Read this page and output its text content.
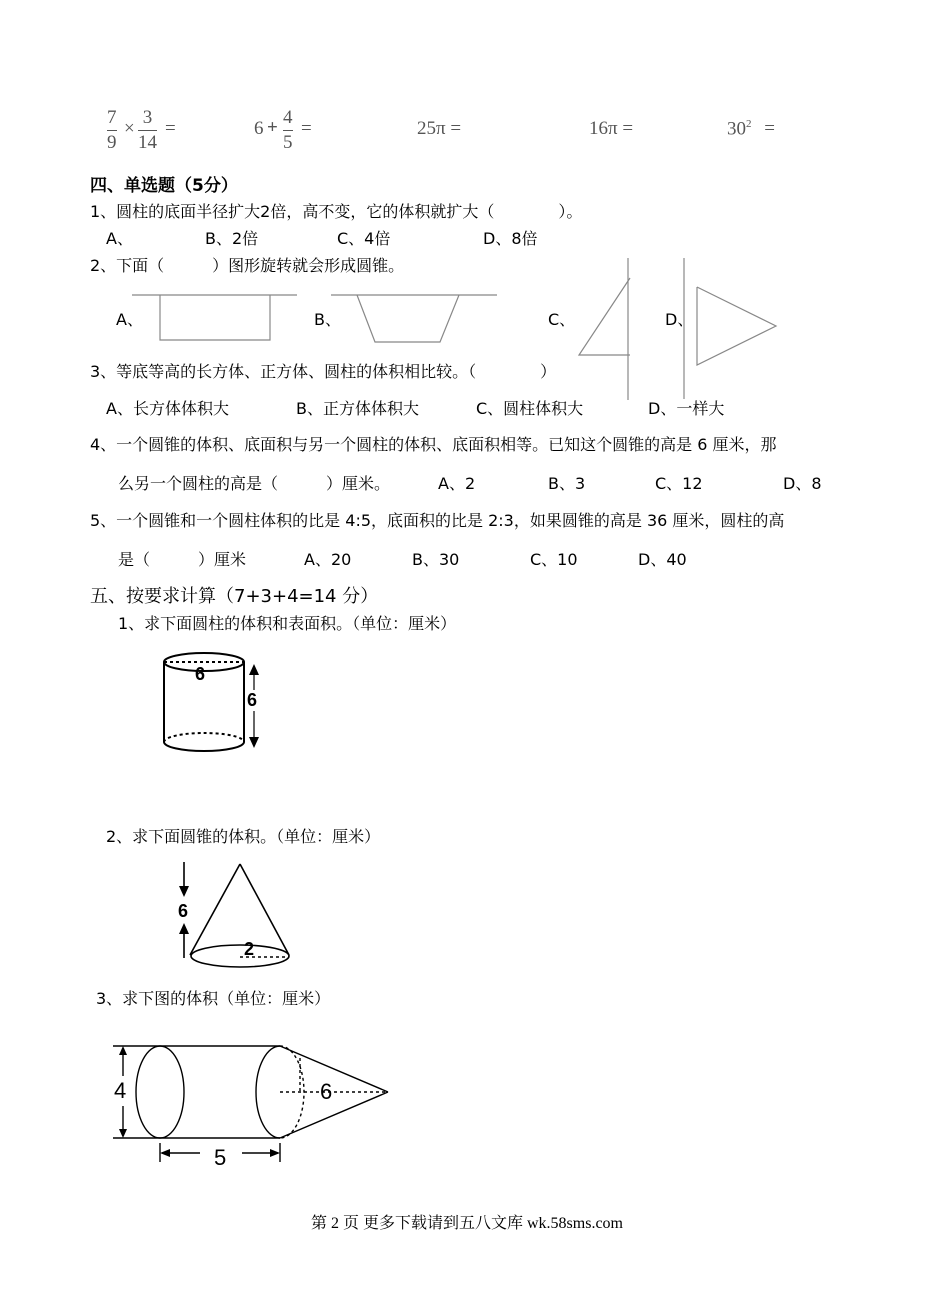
7
9
×
3
14
=	6 + 4
5
=	25π =	16π =	$30^2$ =
四、单选题（5分）
1、圆柱的底面半径扩大2倍，高不变，它的体积就扩大（　　　　）。
A、	B、2倍	C、4倍	D、8倍
2、下面（　　　）图形旋转就会形成圆锥。
A、	B、	C、	D、
3、等底等高的长方体、正方体、圆柱的体积相比较。（　　　　）
A、长方体体积大	B、正方体体积大	C、圆柱体积大	D、一样大
4、一个圆锥的体积、底面积与另一个圆柱的体积、底面积相等。已知这个圆锥的高是 6 厘米，那
么另一个圆柱的高是（　　　）厘米。	A、2	B、3	C、12	D、8
5、一个圆锥和一个圆柱体积的比是 4:5，底面积的比是 2:3，如果圆锥的高是 36 厘米，圆柱的高
是（　　　）厘米	A、20	B、30	C、10	D、40
五、按要求计算（7+3+4=14 分）
1、求下面圆柱的体积和表面积。（单位：厘米）
6
6
2、求下面圆锥的体积。（单位：厘米）
6
2
3、求下图的体积（单位：厘米）
4	6
5
第 2 页 更多下载请到五八文库 wk.58sms.com
